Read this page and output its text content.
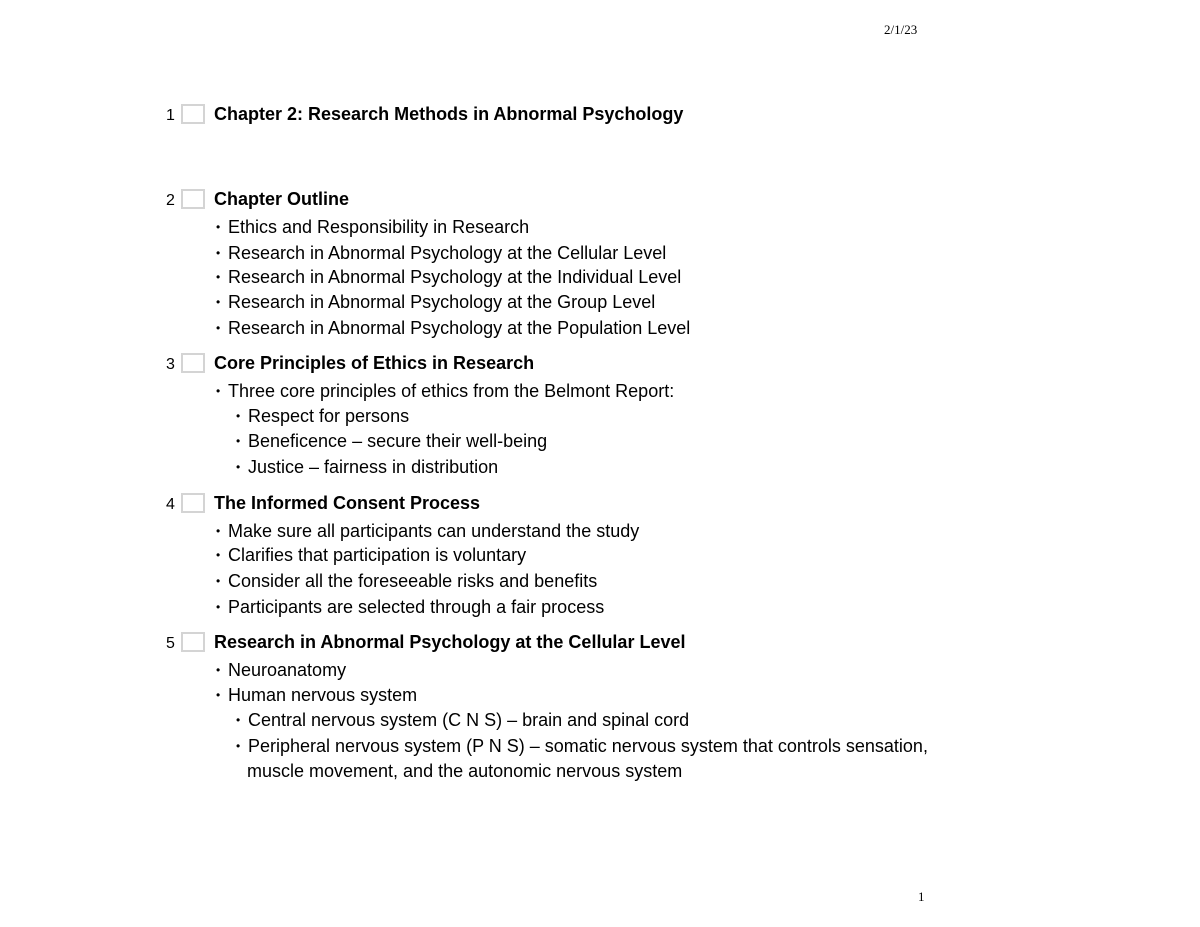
2/1/23
1 Chapter 2: Research Methods in Abnormal Psychology
2 Chapter Outline
• Ethics and Responsibility in Research
• Research in Abnormal Psychology at the Cellular Level
• Research in Abnormal Psychology at the Individual Level
• Research in Abnormal Psychology at the Group Level
• Research in Abnormal Psychology at the Population Level
3 Core Principles of Ethics in Research
• Three core principles of ethics from the Belmont Report:
• Respect for persons
• Beneficence – secure their well-being
• Justice – fairness in distribution
4 The Informed Consent Process
• Make sure all participants can understand the study
• Clarifies that participation is voluntary
• Consider all the foreseeable risks and benefits
• Participants are selected through a fair process
5 Research in Abnormal Psychology at the Cellular Level
• Neuroanatomy
• Human nervous system
• Central nervous system (C N S) – brain and spinal cord
• Peripheral nervous system (P N S) – somatic nervous system that controls sensation,
muscle movement, and the autonomic nervous system
1
